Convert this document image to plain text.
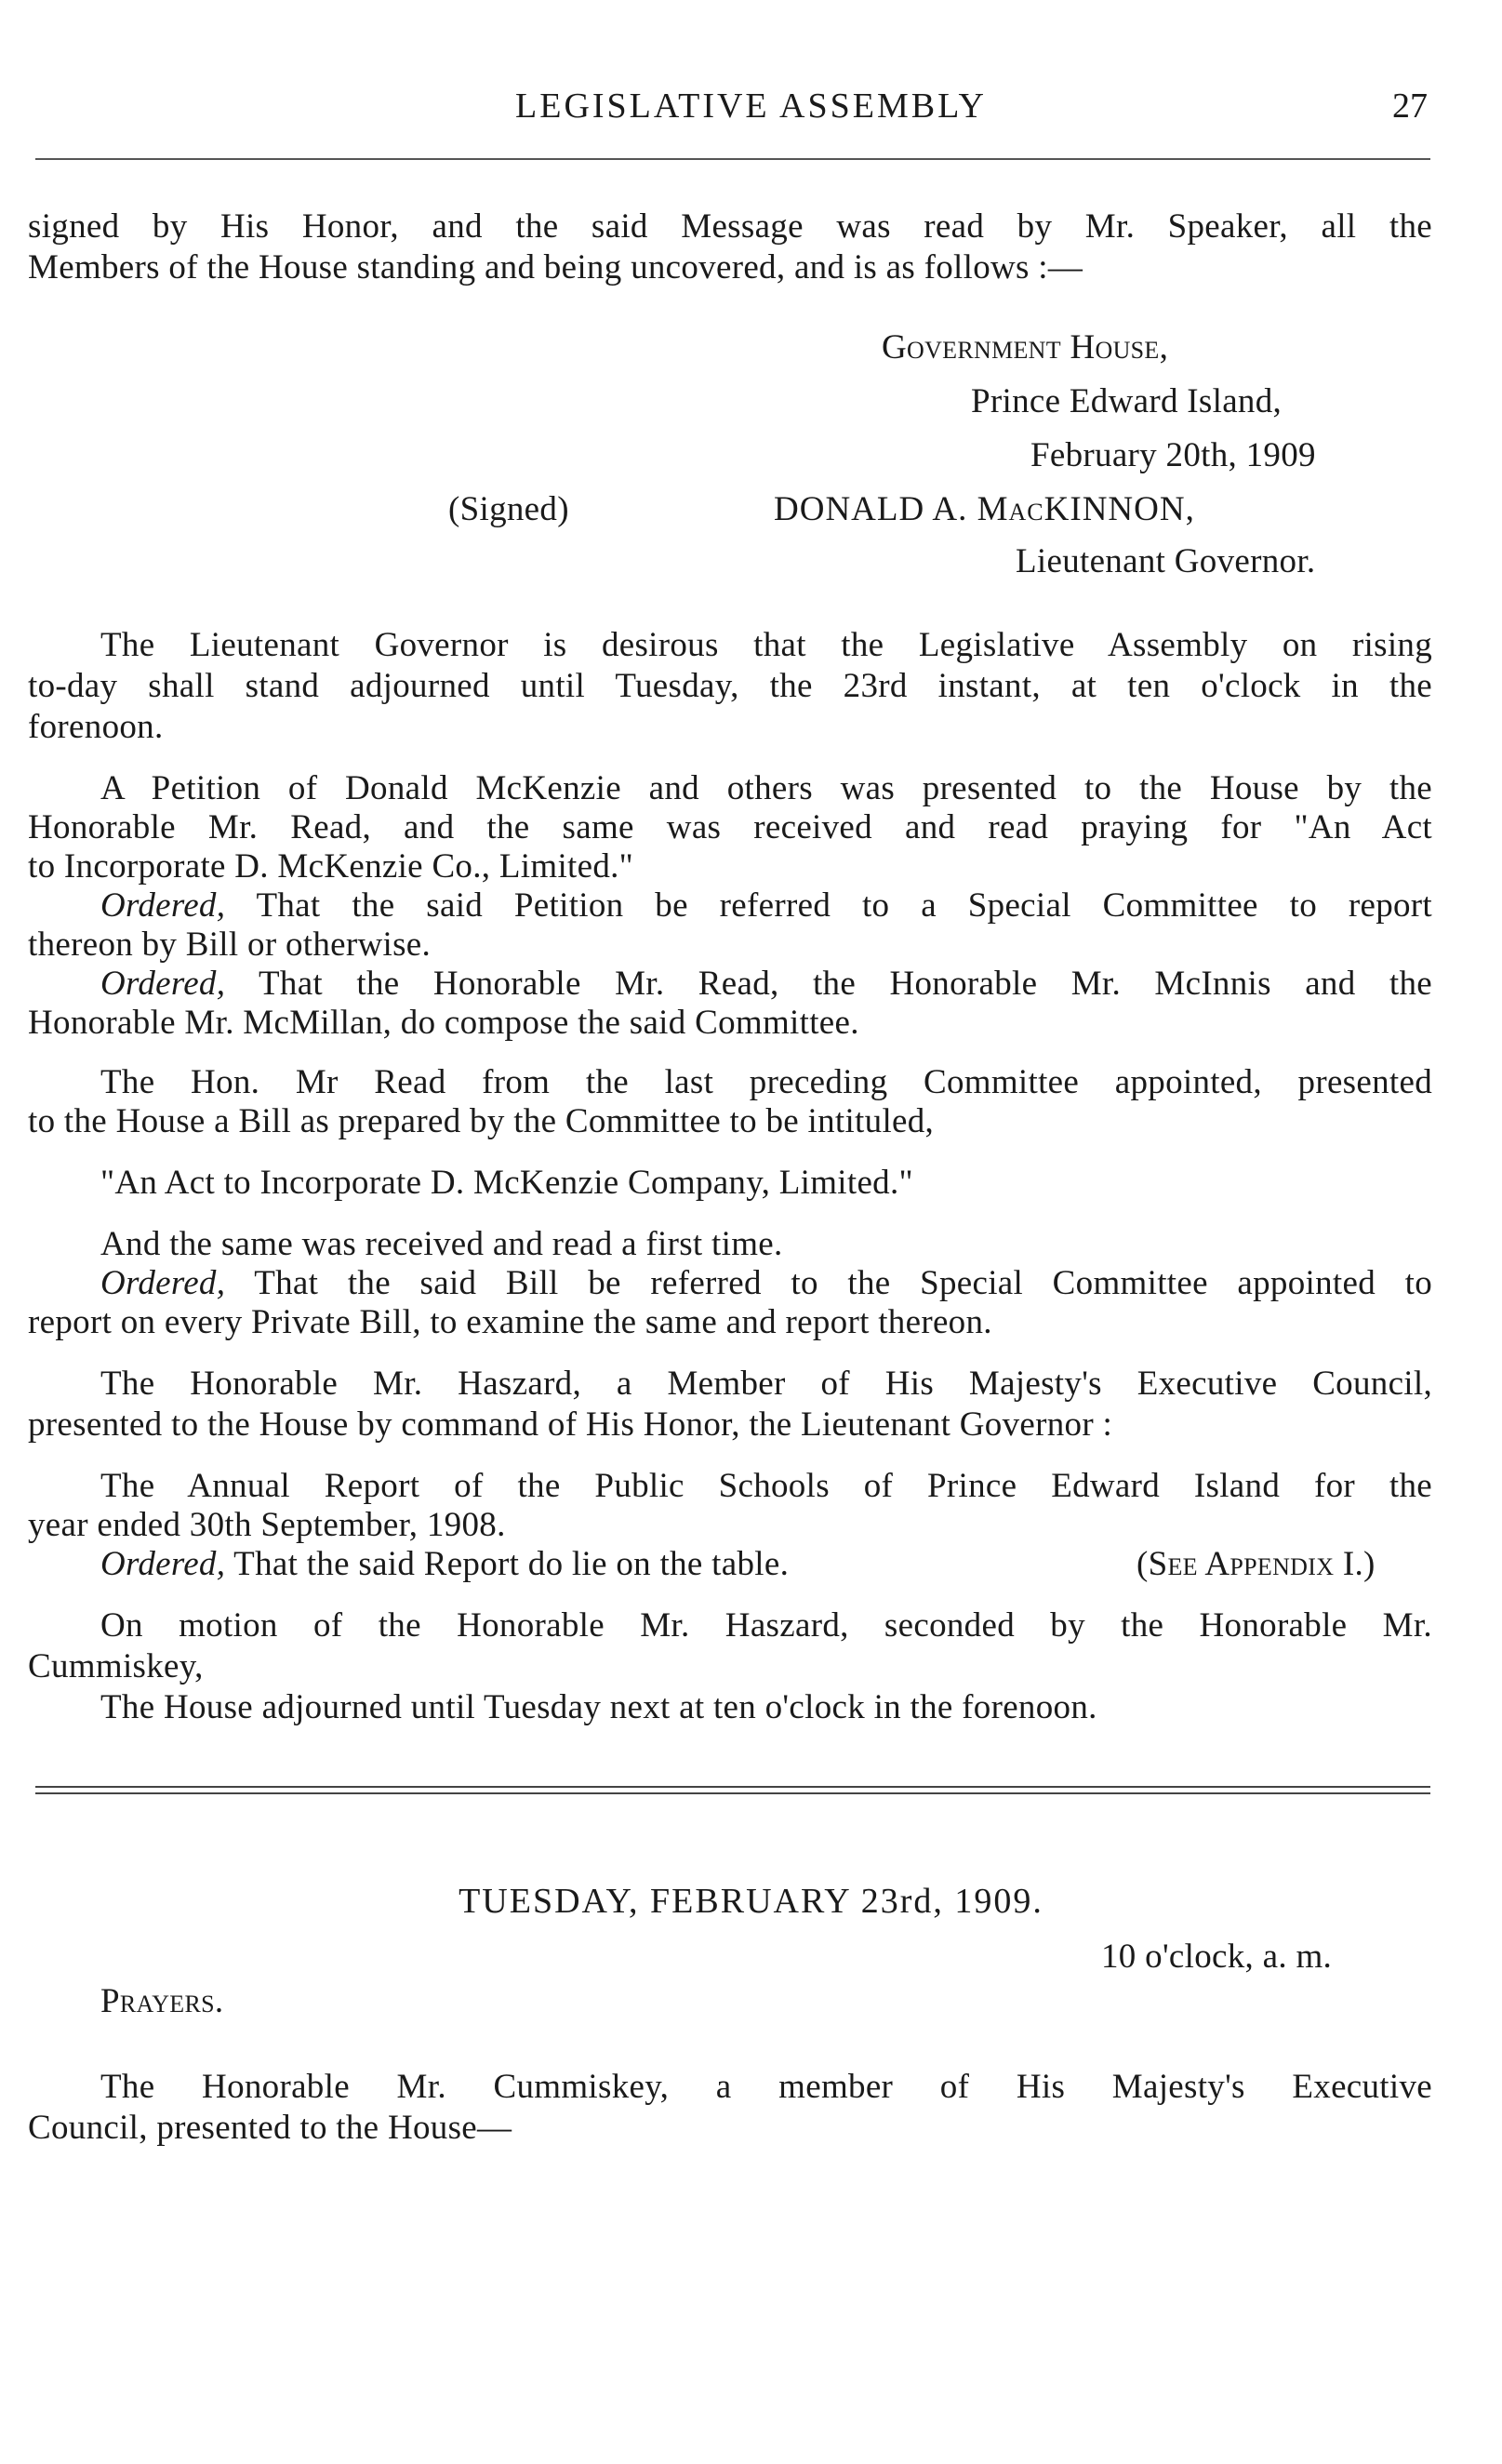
LEGISLATIVE ASSEMBLY	27
signed by His Honor, and the said Message was read by Mr. Speaker, all the
Members of the House standing and being uncovered, and is as follows :—
Government House,
Prince Edward Island,
February 20th, 1909
(Signed)	DONALD A. MacKINNON,
Lieutenant Governor.
The Lieutenant Governor is desirous that the Legislative Assembly on rising
to-day shall stand adjourned until Tuesday, the 23rd instant, at ten o'clock in the
forenoon.
A Petition of Donald McKenzie and others was presented to the House by the
Honorable Mr. Read, and the same was received and read praying for "An Act
to Incorporate D. McKenzie Co., Limited."
Ordered, That the said Petition be referred to a Special Committee to report
thereon by Bill or otherwise.
Ordered, That the Honorable Mr. Read, the Honorable Mr. McInnis and the
Honorable Mr. McMillan, do compose the said Committee.
The Hon. Mr Read from the last preceding Committee appointed, presented
to the House a Bill as prepared by the Committee to be intituled,
"An Act to Incorporate D. McKenzie Company, Limited."
And the same was received and read a first time.
Ordered, That the said Bill be referred to the Special Committee appointed to
report on every Private Bill, to examine the same and report thereon.
The Honorable Mr. Haszard, a Member of His Majesty's Executive Council,
presented to the House by command of His Honor, the Lieutenant Governor :
The Annual Report of the Public Schools of Prince Edward Island for the
year ended 30th September, 1908.
Ordered, That the said Report do lie on the table.	(See Appendix I.)
On motion of the Honorable Mr. Haszard, seconded by the Honorable Mr.
Cummiskey,
The House adjourned until Tuesday next at ten o'clock in the forenoon.
TUESDAY, FEBRUARY 23rd, 1909.
10 o'clock, a. m.
Prayers.
The Honorable Mr. Cummiskey, a member of His Majesty's Executive
Council, presented to the House—
